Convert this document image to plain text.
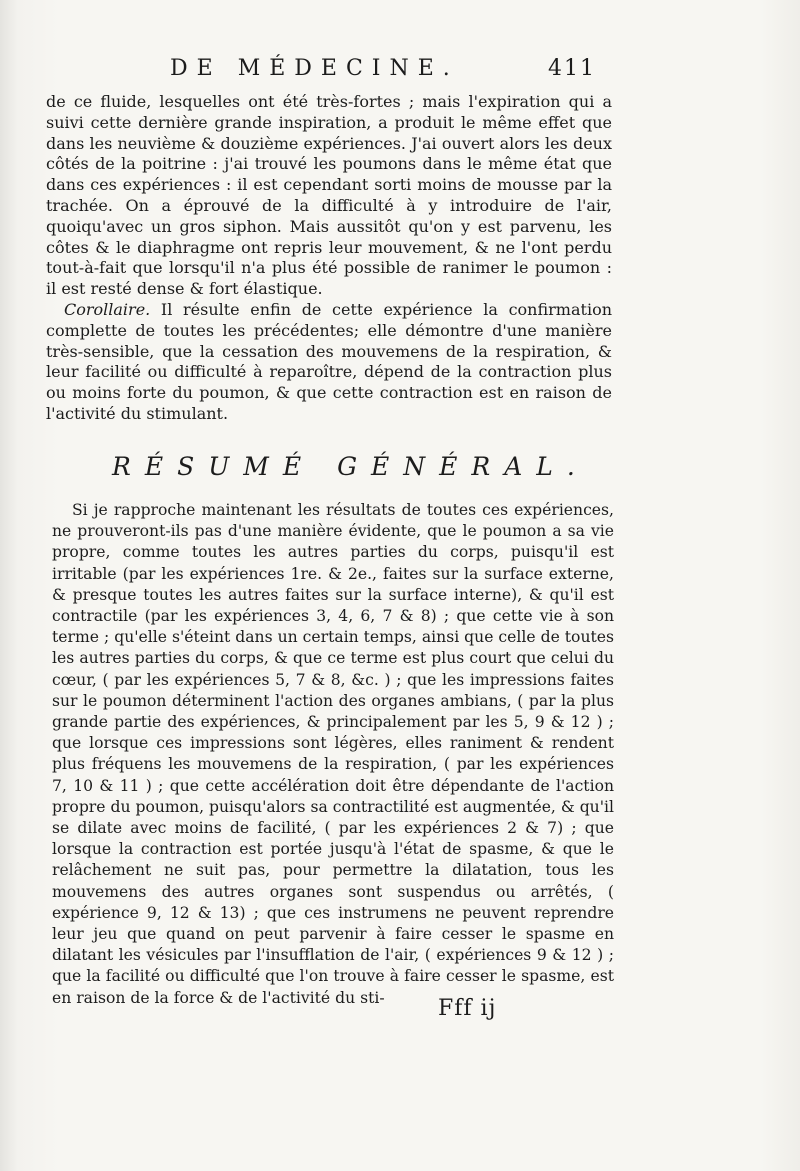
DE MÉDECINE.	411

de ce fluide, lesquelles ont été très-fortes ; mais l'expiration qui a suivi cette dernière grande inspiration, a produit le même effet que dans les neuvième & douzième expériences. J'ai ouvert alors les deux côtés de la poitrine : j'ai trouvé les poumons dans le même état que dans ces expériences : il est cependant sorti moins de mousse par la trachée. On a éprouvé de la difficulté à y introduire de l'air, quoiqu'avec un gros siphon. Mais aussitôt qu'on y est parvenu, les côtes & le diaphragme ont repris leur mouvement, & ne l'ont perdu tout-à-fait que lorsqu'il n'a plus été possible de ranimer le poumon : il est resté dense & fort élastique.

Corollaire. Il résulte enfin de cette expérience la confirmation complette de toutes les précédentes; elle démontre d'une manière très-sensible, que la cessation des mouvemens de la respiration, & leur facilité ou difficulté à reparoître, dépend de la contraction plus ou moins forte du poumon, & que cette contraction est en raison de l'activité du stimulant.

RÉSUMÉ GÉNÉRAL.

Si je rapproche maintenant les résultats de toutes ces expériences, ne prouveront-ils pas d'une manière évidente, que le poumon a sa vie propre, comme toutes les autres parties du corps, puisqu'il est irritable (par les expériences 1re. & 2e., faites sur la surface externe, & presque toutes les autres faites sur la surface interne), & qu'il est contractile (par les expériences 3, 4, 6, 7 & 8) ; que cette vie à son terme ; qu'elle s'éteint dans un certain temps, ainsi que celle de toutes les autres parties du corps, & que ce terme est plus court que celui du cœur, ( par les expériences 5, 7 & 8, &c. ) ; que les impressions faites sur le poumon déterminent l'action des organes ambians, ( par la plus grande partie des expériences, & principalement par les 5, 9 & 12 ) ; que lorsque ces impressions sont légères, elles raniment & rendent plus fréquens les mouvemens de la respiration, ( par les expériences 7, 10 & 11 ) ; que cette accélération doit être dépendante de l'action propre du poumon, puisqu'alors sa contractilité est augmentée, & qu'il se dilate avec moins de facilité, ( par les expériences 2 & 7) ; que lorsque la contraction est portée jusqu'à l'état de spasme, & que le relâchement ne suit pas, pour permettre la dilatation, tous les mouvemens des autres organes sont suspendus ou arrêtés, ( expérience 9, 12 & 13) ; que ces instrumens ne peuvent reprendre leur jeu que quand on peut parvenir à faire cesser le spasme en dilatant les vésicules par l'insufflation de l'air, ( expériences 9 & 12 ) ; que la facilité ou difficulté que l'on trouve à faire cesser le spasme, est en raison de la force & de l'activité du sti-	Fff ij
